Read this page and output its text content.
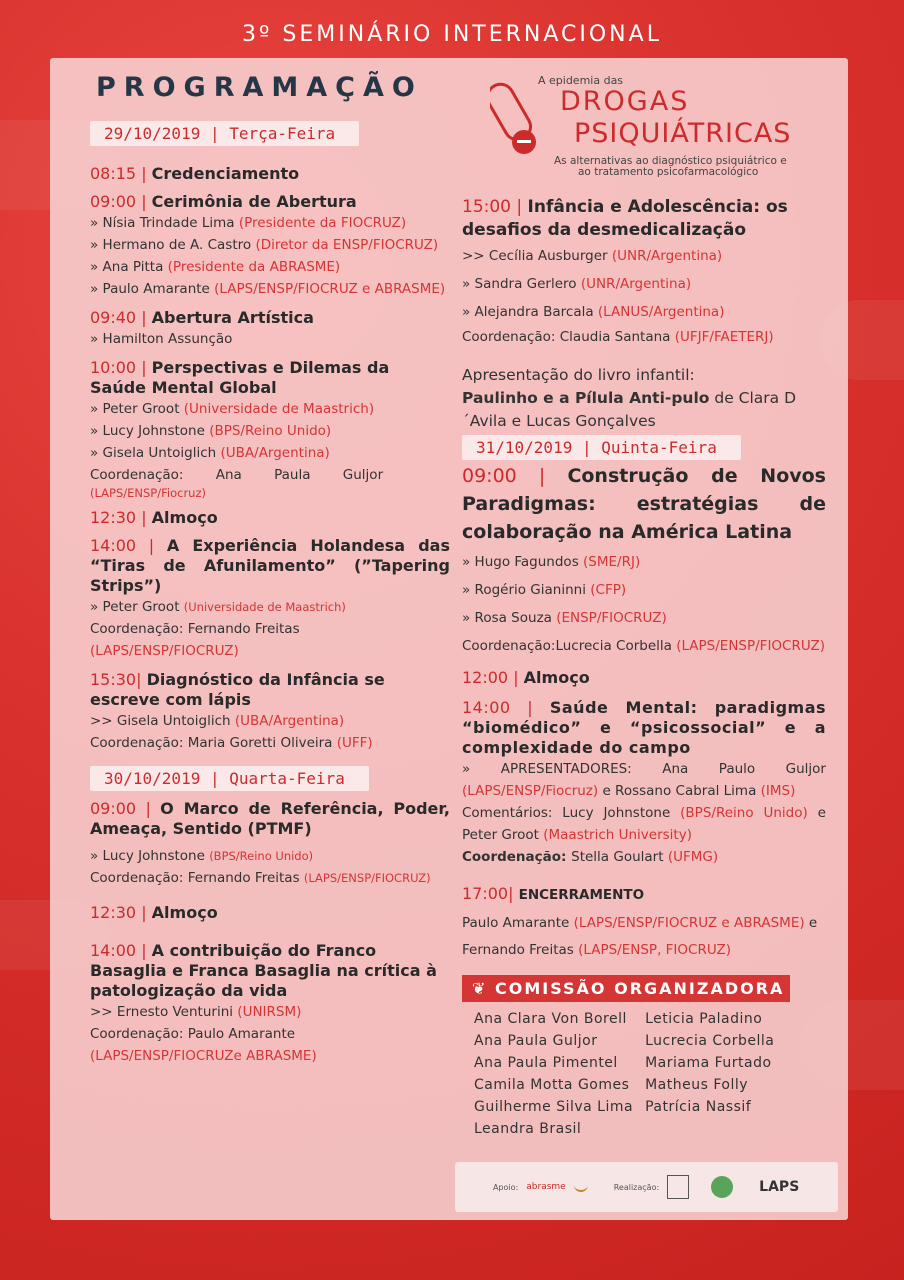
3º SEMINÁRIO INTERNACIONAL
PROGRAMAÇÃO
29/10/2019 | Terça-Feira
08:15 | Credenciamento
09:00 | Cerimônia de Abertura
» Nísia Trindade Lima (Presidente da FIOCRUZ)
» Hermano de A. Castro (Diretor da ENSP/FIOCRUZ)
» Ana Pitta (Presidente da ABRASME)
» Paulo Amarante (LAPS/ENSP/FIOCRUZ e ABRASME)
09:40 | Abertura Artística
» Hamilton Assunção
10:00 | Perspectivas e Dilemas da Saúde Mental Global
» Peter Groot (Universidade de Maastrich)
» Lucy Johnstone (BPS/Reino Unido)
» Gisela Untoiglich (UBA/Argentina)
Coordenação: Ana Paula Guljor
(LAPS/ENSP/Fiocruz)
12:30 | Almoço
14:00 | A Experiência Holandesa das “Tiras de Afunilamento” (”Tapering Strips”)
» Peter Groot (Universidade de Maastrich)
Coordenação: Fernando Freitas (LAPS/ENSP/FIOCRUZ)
15:30| Diagnóstico da Infância se escreve com lápis
>> Gisela Untoiglich (UBA/Argentina)
Coordenação: Maria Goretti Oliveira (UFF)
30/10/2019 | Quarta-Feira
09:00 | O Marco de Referência, Poder, Ameaça, Sentido (PTMF)
» Lucy Johnstone (BPS/Reino Unido)
Coordenação: Fernando Freitas (LAPS/ENSP/FIOCRUZ)
12:30 | Almoço
14:00 | A contribuição do Franco Basaglia e Franca Basaglia na crítica à patologização da vida
>> Ernesto Venturini (UNIRSM)
Coordenação: Paulo Amarante
(LAPS/ENSP/FIOCRUZe ABRASME)
A epidemia das
DROGAS
PSIQUIÁTRICAS
As alternativas ao diagnóstico psiquiátrico e
ao tratamento psicofarmacológico
15:00 | Infância e Adolescência: os desafios da desmedicalização
>> Cecília Ausburger (UNR/Argentina)
» Sandra Gerlero (UNR/Argentina)
» Alejandra Barcala (LANUS/Argentina)
Coordenação: Claudia Santana (UFJF/FAETERJ)
Apresentação do livro infantil:
Paulinho e a Pílula Anti-pulo de Clara D´Avila e Lucas Gonçalves
31/10/2019 | Quinta-Feira
09:00 | Construção de Novos Paradigmas: estratégias de colaboração na América Latina
» Hugo Fagundos (SME/RJ)
» Rogério Gianinni (CFP)
» Rosa Souza (ENSP/FIOCRUZ)
Coordenação:Lucrecia Corbella (LAPS/ENSP/FIOCRUZ)
12:00 | Almoço
14:00 | Saúde Mental: paradigmas “biomédico” e “psicossocial” e a complexidade do campo
» APRESENTADORES: Ana Paulo Guljor (LAPS/ENSP/Fiocruz) e Rossano Cabral Lima (IMS)
Comentários: Lucy Johnstone (BPS/Reino Unido) e Peter Groot (Maastrich University)
Coordenação: Stella Goulart (UFMG)
17:00| ENCERRAMENTO
Paulo Amarante (LAPS/ENSP/FIOCRUZ e ABRASME) e
Fernando Freitas (LAPS/ENSP, FIOCRUZ)
❦ COMISSÃO ORGANIZADORA
Ana Clara Von Borell
Ana Paula Guljor
Ana Paula Pimentel
Camila Motta Gomes
Guilherme Silva Lima
Leandra Brasil
Leticia Paladino
Lucrecia Corbella
Mariama Furtado
Matheus Folly
Patrícia Nassif
Apoio: abrasme	Realização:	LAPS
